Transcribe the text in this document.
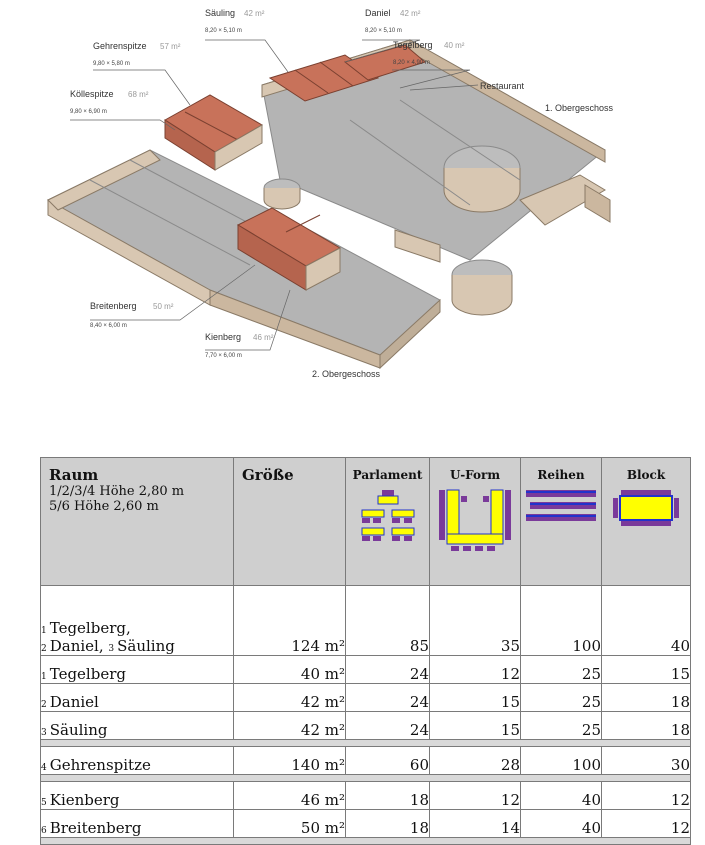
Säuling 42 m²
8,20 × 5,10 m
Daniel 42 m²
8,20 × 5,10 m
Gehrenspitze 57 m²
9,80 × 5,80 m
Tegelberg 40 m²
8,20 × 4,90 m
Köllespitze 68 m²
9,80 × 6,90 m
Restaurant
1. Obergeschoss
Breitenberg 50 m²
8,40 × 6,00 m
Kienberg 46 m²
7,70 × 6,00 m
2. Obergeschoss
Raum
1/2/3/4 Höhe 2,80 m
5/6 Höhe 2,60 m	Größe	Parlament	U-Form	Reihen	Block

1 Tegelberg,
2 Daniel, 3 Säuling	124 m²	85	35	100	40
1 Tegelberg	40 m²	24	12	25	15
2 Daniel	42 m²	24	15	25	18
3 Säuling	42 m²	24	15	25	18

4 Gehrenspitze	140 m²	60	28	100	30

5 Kienberg	46 m²	18	12	40	12
6 Breitenberg	50 m²	18	14	40	12
